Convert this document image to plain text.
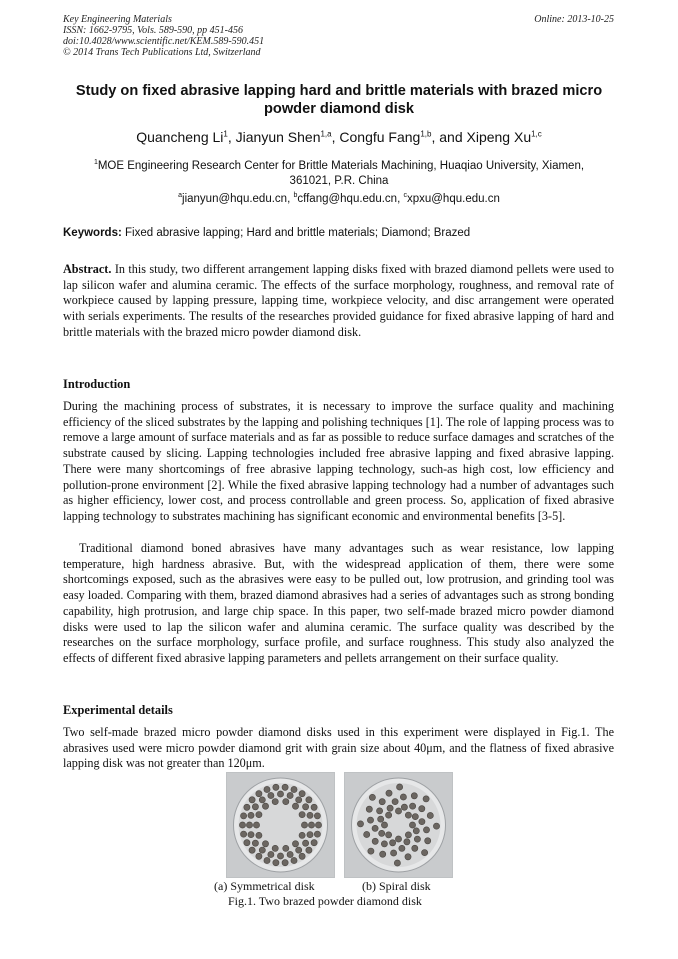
Key Engineering Materials
ISSN: 1662-9795, Vols. 589-590, pp 451-456
doi:10.4028/www.scientific.net/KEM.589-590.451
© 2014 Trans Tech Publications Ltd, Switzerland
Online: 2013-10-25
Study on fixed abrasive lapping hard and brittle materials with brazed micro powder diamond disk
Quancheng Li$^1$, Jianyun Shen$^{1,a}$, Congfu Fang$^{1,b}$, and Xipeng Xu$^{1,c}$
$^1$MOE Engineering Research Center for Brittle Materials Machining, Huaqiao University, Xiamen, 361021, P.R. China
$^a$jianyun@hqu.edu.cn, $^b$cffang@hqu.edu.cn, $^c$xpxu@hqu.edu.cn
Keywords: Fixed abrasive lapping; Hard and brittle materials; Diamond; Brazed
Abstract. In this study, two different arrangement lapping disks fixed with brazed diamond pellets were used to lap silicon wafer and alumina ceramic. The effects of the surface morphology, roughness, and removal rate of workpiece caused by lapping pressure, lapping time, workpiece velocity, and disc arrangement were operated with serials experiments. The results of the researches provided guidance for fixed abrasive lapping of hard and brittle materials with the brazed micro powder diamond disk.
Introduction
During the machining process of substrates, it is necessary to improve the surface quality and machining efficiency of the sliced substrates by the lapping and polishing techniques [1]. The role of lapping process was to remove a large amount of surface materials and as far as possible to reduce surface damages and scratches of the substrate caused by slicing. Lapping technologies included free abrasive lapping and fixed abrasive lapping. There were many shortcomings of free abrasive lapping technology, such-as high cost, low efficiency and pollution-prone environment [2]. While the fixed abrasive lapping technology had a number of advantages such as higher efficiency, lower cost, and process controllable and green process. So, application of fixed abrasive lapping technology to substrates machining has significant economic and environmental benefits [3-5].
Traditional diamond boned abrasives have many advantages such as wear resistance, low lapping temperature, high hardness abrasive. But, with the widespread application of them, there were some shortcomings exposed, such as the abrasives were easy to be pulled out, low protrusion, and grinding tool was easy loaded. Comparing with them, brazed diamond abrasives had a series of advantages such as strong bonding capability, high protrusion, and large chip space. In this paper, two self-made brazed micro powder diamond disks were used to lap the silicon wafer and alumina ceramic. The surface quality was described by the researches on the surface morphology, surface profile, and surface roughness. This study also analyzed the effects of different fixed abrasive lapping parameters and pellets arrangement on their surface quality.
Experimental details
Two self-made brazed micro powder diamond disks used in this experiment were displayed in Fig.1. The abrasives used were micro powder diamond grit with grain size about 40μm, and the flatness of fixed abrasive lapping disk was not greater than 120μm.
(a) Symmetrical disk	(b) Spiral disk
Fig.1. Two brazed powder diamond disk
